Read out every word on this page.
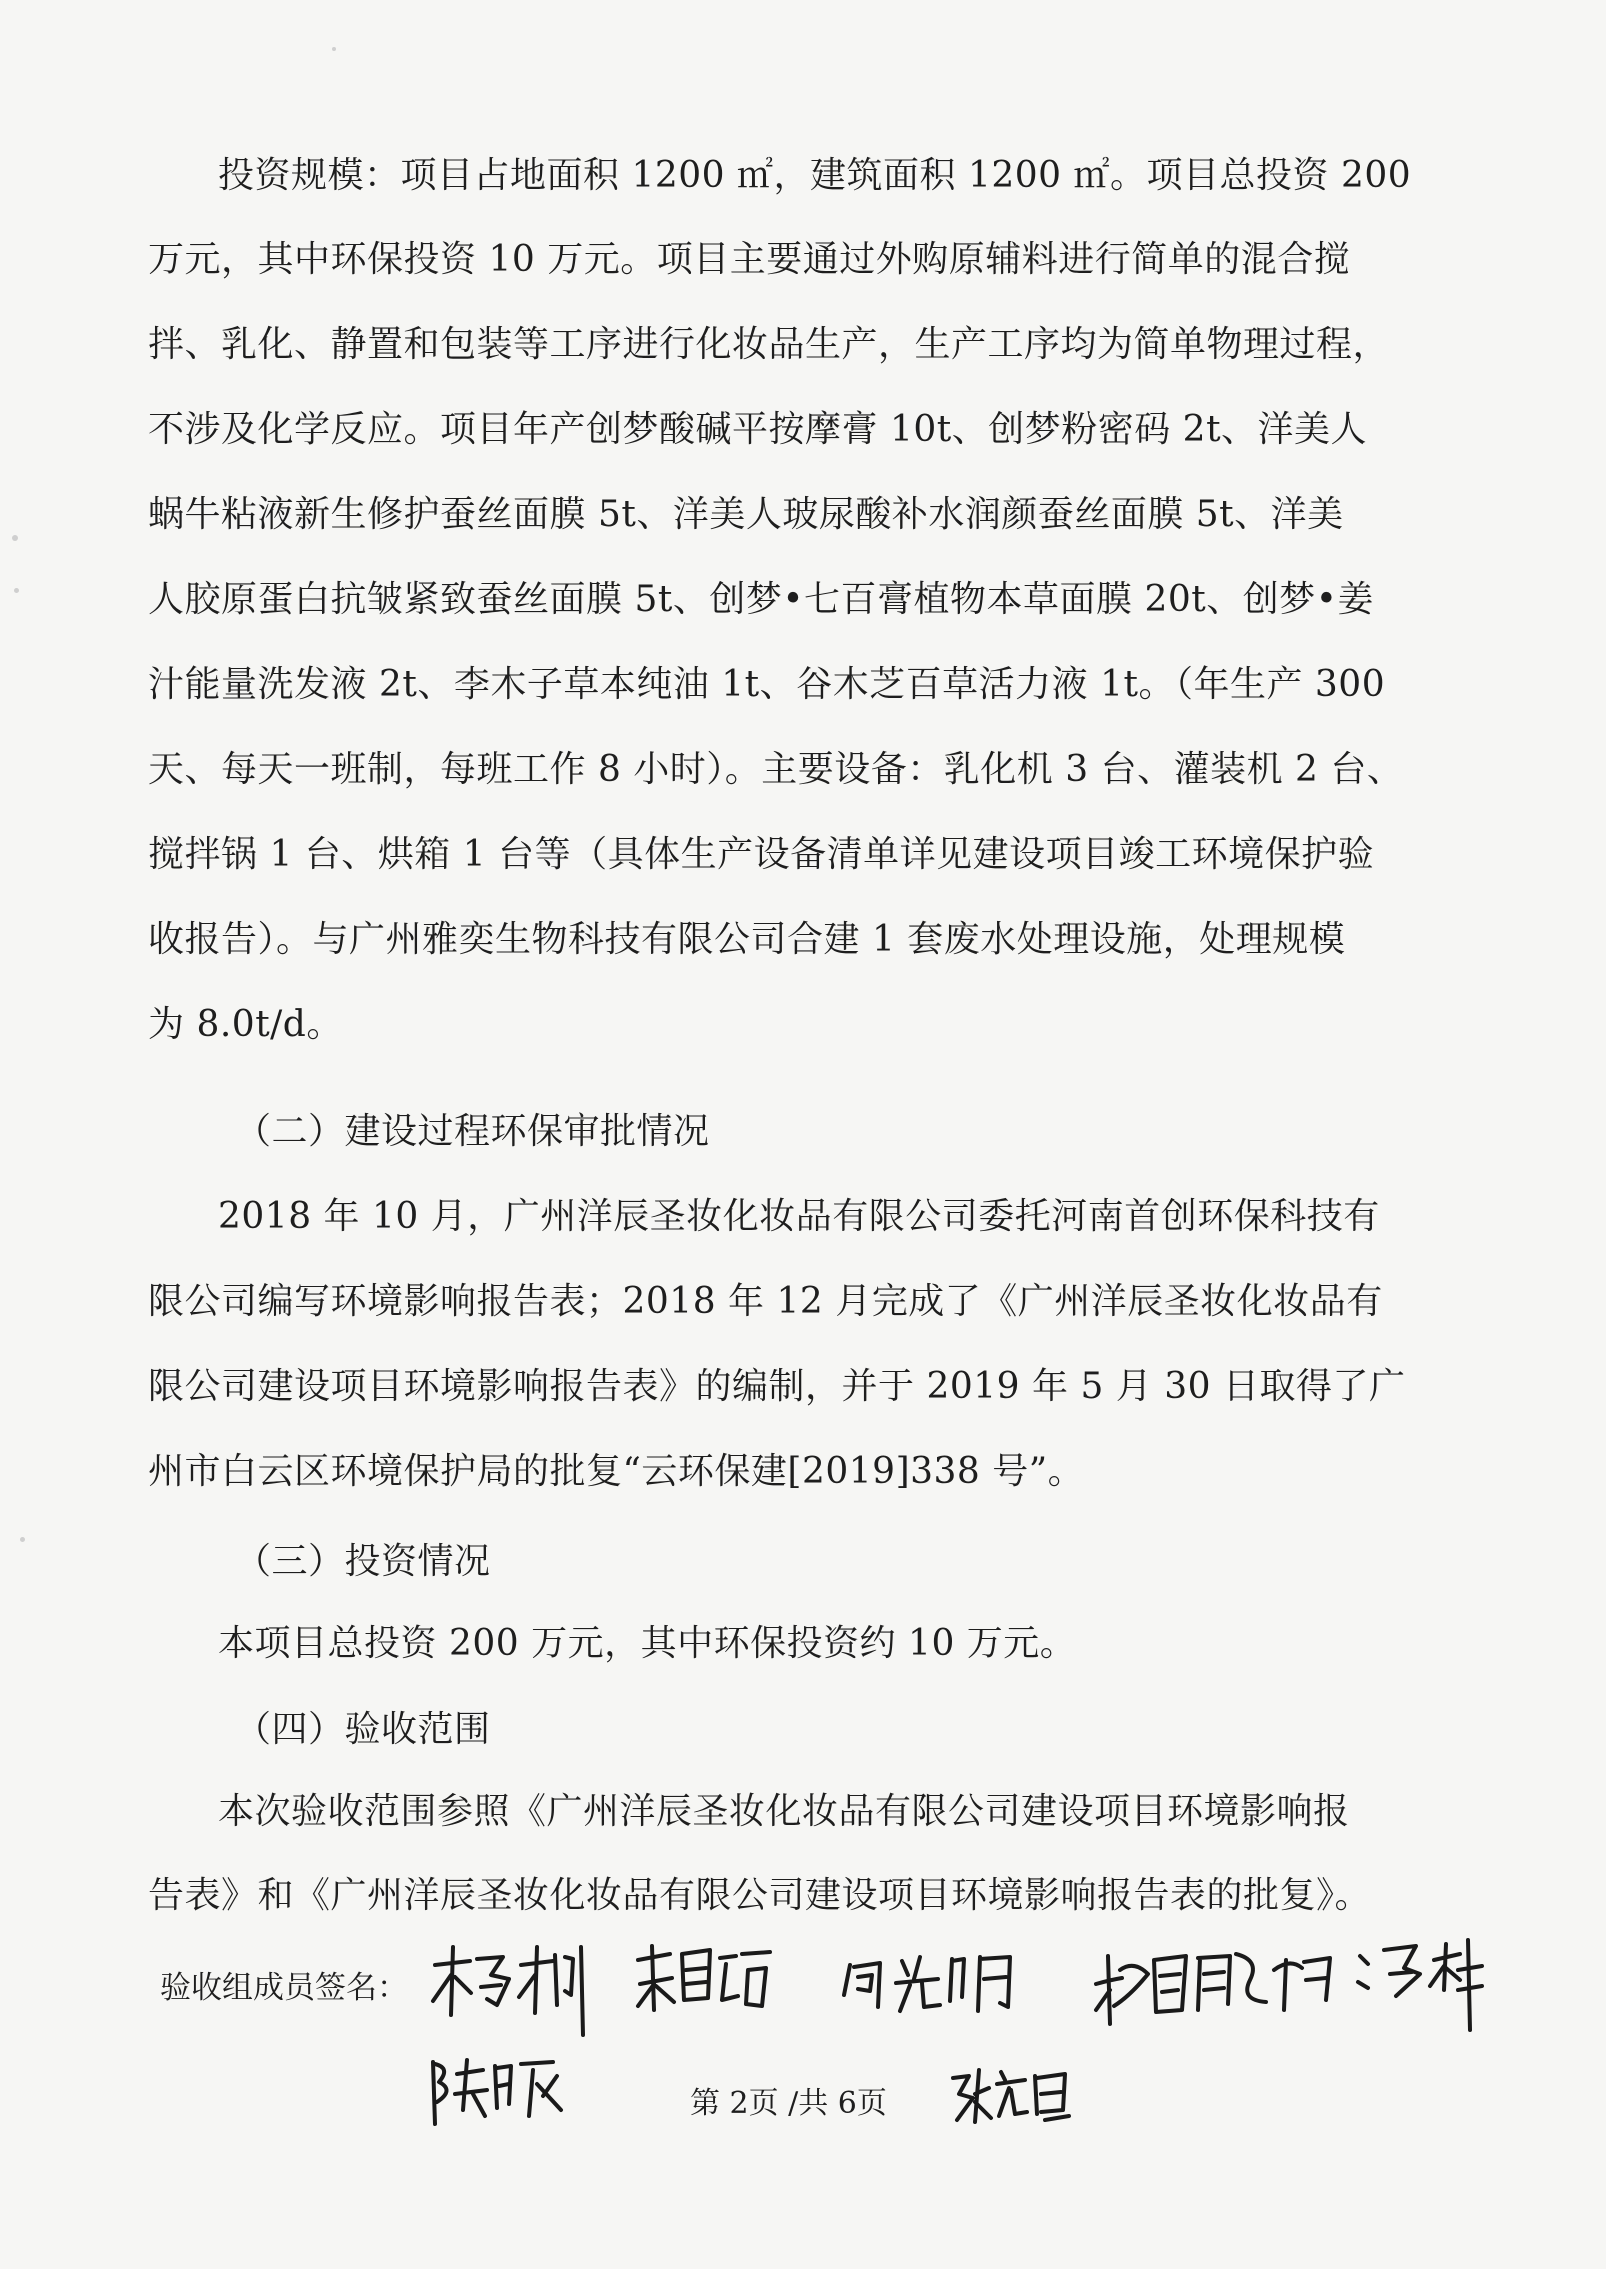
投资规模：项目占地面积 1200 ㎡，建筑面积 1200 ㎡。项目总投资 200
万元，其中环保投资 10 万元。项目主要通过外购原辅料进行简单的混合搅
拌、乳化、静置和包装等工序进行化妆品生产，生产工序均为简单物理过程，
不涉及化学反应。项目年产创梦酸碱平按摩膏 10t、创梦粉密码 2t、洋美人
蜗牛粘液新生修护蚕丝面膜 5t、洋美人玻尿酸补水润颜蚕丝面膜 5t、洋美
人胶原蛋白抗皱紧致蚕丝面膜 5t、创梦•七百膏植物本草面膜 20t、创梦•姜
汁能量洗发液 2t、李木子草本纯油 1t、谷木芝百草活力液 1t。（年生产 300
天、每天一班制，每班工作 8 小时）。主要设备：乳化机 3 台、灌装机 2 台、
搅拌锅 1 台、烘箱 1 台等（具体生产设备清单详见建设项目竣工环境保护验
收报告）。与广州雅奕生物科技有限公司合建 1 套废水处理设施，处理规模
为 8.0t/d。
（二）建设过程环保审批情况
2018 年 10 月，广州洋辰圣妆化妆品有限公司委托河南首创环保科技有
限公司编写环境影响报告表；2018 年 12 月完成了《广州洋辰圣妆化妆品有
限公司建设项目环境影响报告表》的编制，并于 2019 年 5 月 30 日取得了广
州市白云区环境保护局的批复“云环保建[2019]338 号”。
（三）投资情况
本项目总投资 200 万元，其中环保投资约 10 万元。
（四）验收范围
本次验收范围参照《广州洋辰圣妆化妆品有限公司建设项目环境影响报
告表》和《广州洋辰圣妆化妆品有限公司建设项目环境影响报告表的批复》。
验收组成员签名：
第 2页 /共 6页
